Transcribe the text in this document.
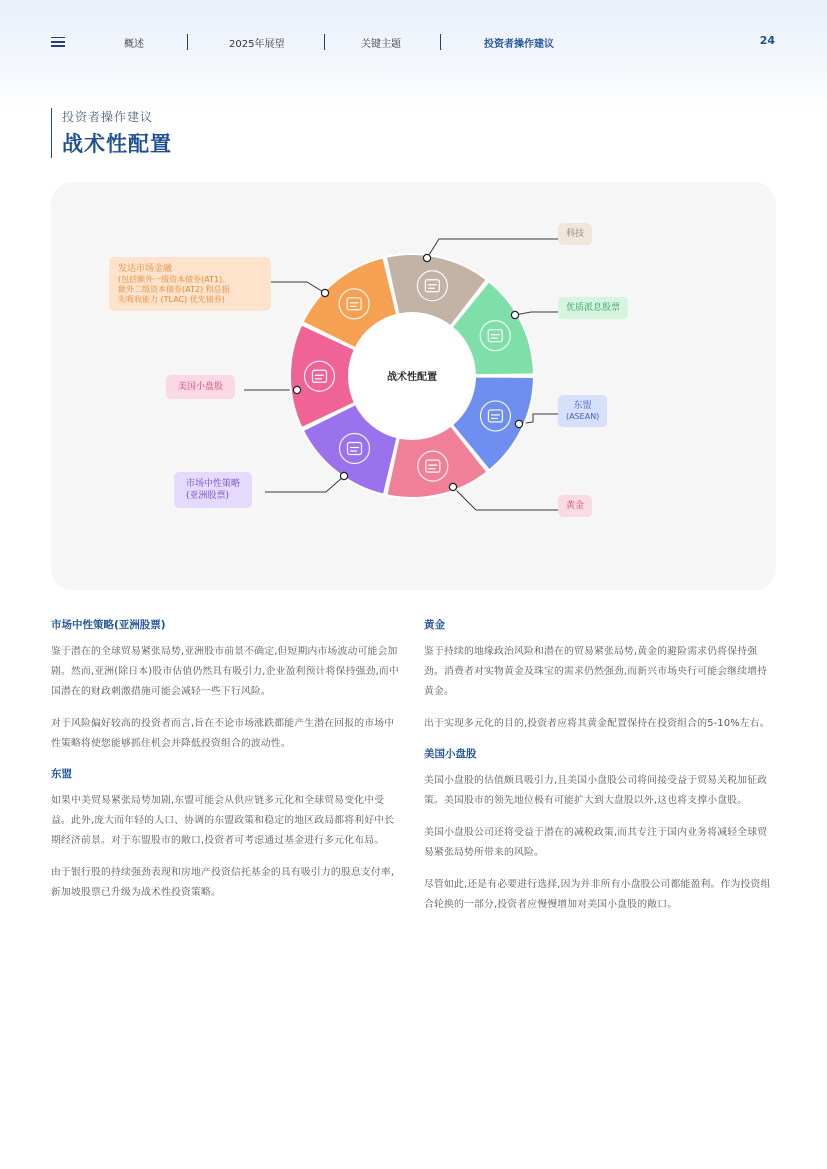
概述	2025年展望	关键主题	投资者操作建议	24
投资者操作建议
战术性配置
战术性配置
科技
优质派息股票
东盟
(ASEAN)
黄金
市场中性策略
(亚洲股票)
美国小盘股
发达市场金融
(包括额外一级资本债券(AT1)、
额外二级资本债券(AT2) 和总损
失吸收能力 (TLAC) 优先债券)
市场中性策略(亚洲股票)
鉴于潜在的全球贸易紧张局势,亚洲股市前景不确定,但短期内市场波动可能会加剧。然而,亚洲(除日本)股市估值仍然具有吸引力,企业盈利预计将保持强劲,而中国潜在的财政刺激措施可能会减轻一些下行风险。
对于风险偏好较高的投资者而言,旨在不论市场涨跌都能产生潜在回报的市场中性策略将使您能够抓住机会并降低投资组合的波动性。
东盟
如果中美贸易紧张局势加剧,东盟可能会从供应链多元化和全球贸易变化中受益。此外,庞大而年轻的人口、协调的东盟政策和稳定的地区政局都将利好中长期经济前景。对于东盟股市的敞口,投资者可考虑通过基金进行多元化布局。
由于银行股的持续强劲表现和房地产投资信托基金的具有吸引力的股息支付率,新加坡股票已升级为战术性投资策略。
黄金
鉴于持续的地缘政治风险和潜在的贸易紧张局势,黄金的避险需求仍将保持强劲。消费者对实物黄金及珠宝的需求仍然强劲,而新兴市场央行可能会继续增持黄金。
出于实现多元化的目的,投资者应将其黄金配置保持在投资组合的5-10%左右。
美国小盘股
美国小盘股的估值颇具吸引力,且美国小盘股公司将间接受益于贸易关税加征政策。美国股市的领先地位极有可能扩大到大盘股以外,这也将支撑小盘股。
美国小盘股公司还将受益于潜在的减税政策,而其专注于国内业务将减轻全球贸易紧张局势所带来的风险。
尽管如此,还是有必要进行选择,因为并非所有小盘股公司都能盈利。作为投资组合轮换的一部分,投资者应慢慢增加对美国小盘股的敞口。
